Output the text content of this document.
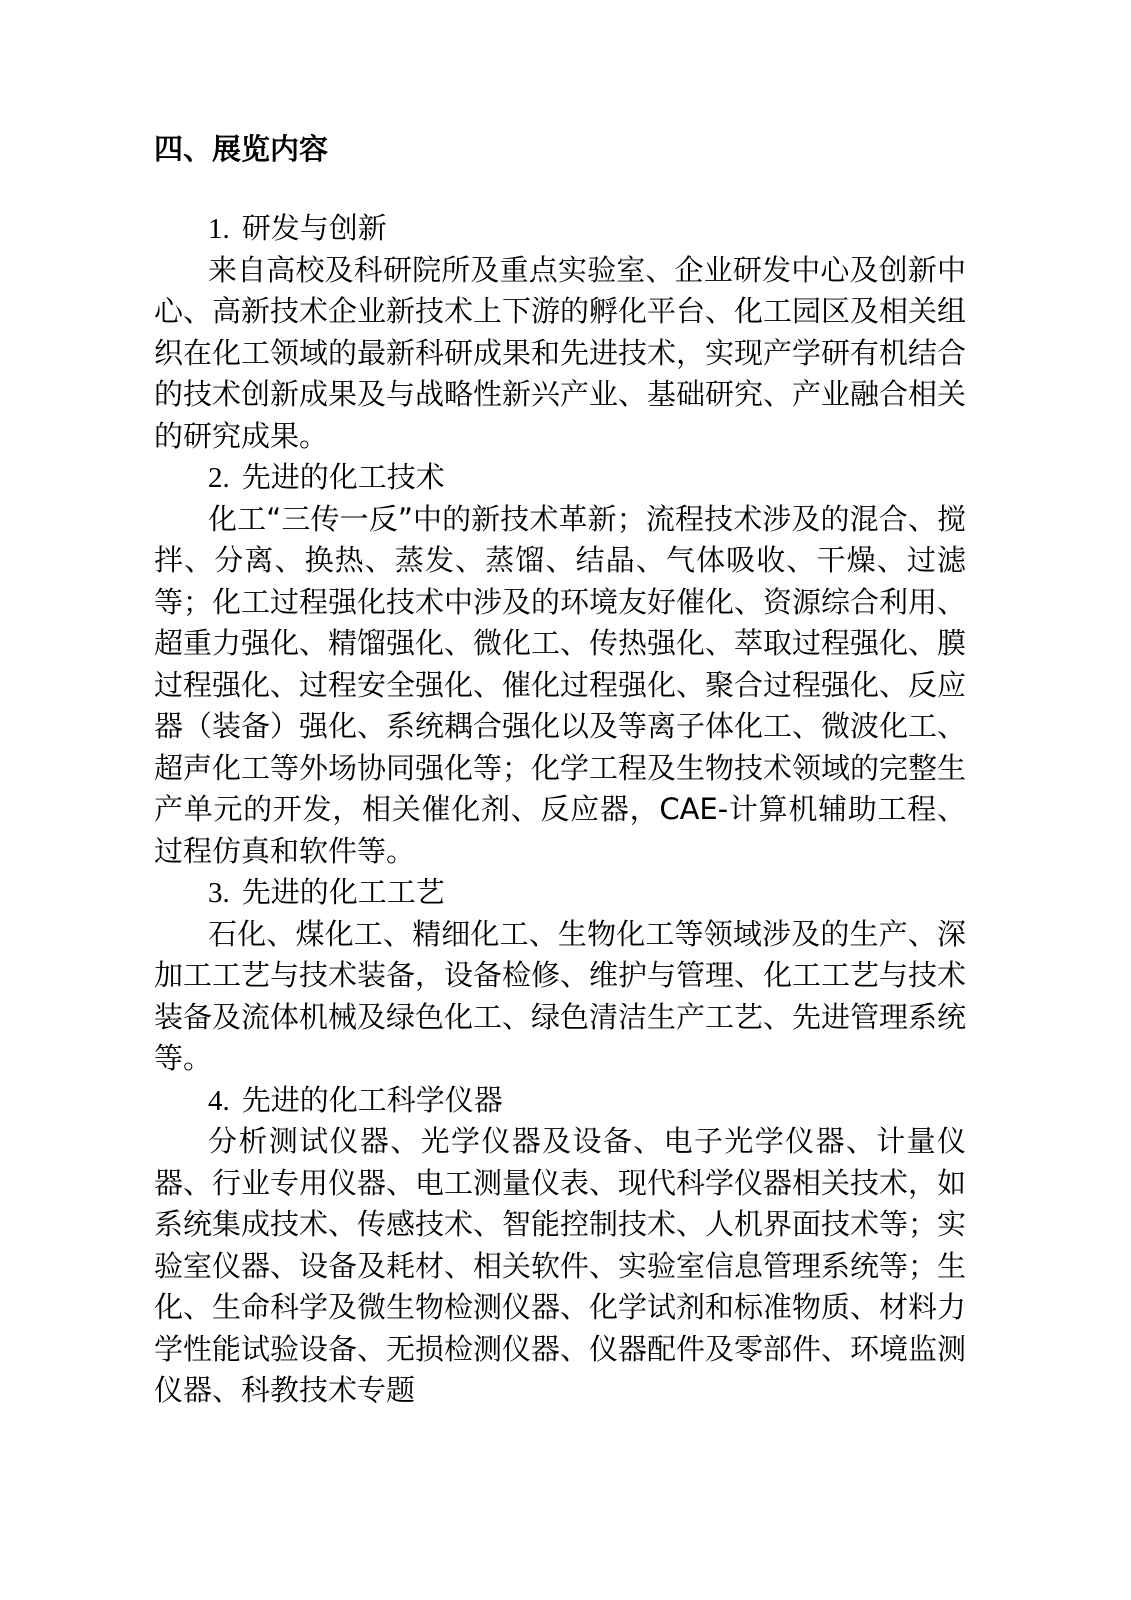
四、展览内容
1. 研发与创新

来自高校及科研院所及重点实验室、企业研发中心及创新中心、高新技术企业新技术上下游的孵化平台、化工园区及相关组织在化工领域的最新科研成果和先进技术，实现产学研有机结合的技术创新成果及与战略性新兴产业、基础研究、产业融合相关的研究成果。

2. 先进的化工技术

化工“三传一反”中的新技术革新；流程技术涉及的混合、搅拌、分离、换热、蒸发、蒸馏、结晶、气体吸收、干燥、过滤等；化工过程强化技术中涉及的环境友好催化、资源综合利用、超重力强化、精馏强化、微化工、传热强化、萃取过程强化、膜过程强化、过程安全强化、催化过程强化、聚合过程强化、反应器（装备）强化、系统耦合强化以及等离子体化工、微波化工、超声化工等外场协同强化等；化学工程及生物技术领域的完整生产单元的开发，相关催化剂、反应器，CAE-计算机辅助工程、过程仿真和软件等。

3. 先进的化工工艺

石化、煤化工、精细化工、生物化工等领域涉及的生产、深加工工艺与技术装备，设备检修、维护与管理、化工工艺与技术装备及流体机械及绿色化工、绿色清洁生产工艺、先进管理系统等。

4. 先进的化工科学仪器

分析测试仪器、光学仪器及设备、电子光学仪器、计量仪器、行业专用仪器、电工测量仪表、现代科学仪器相关技术，如系统集成技术、传感技术、智能控制技术、人机界面技术等；实验室仪器、设备及耗材、相关软件、实验室信息管理系统等；生化、生命科学及微生物检测仪器、化学试剂和标准物质、材料力学性能试验设备、无损检测仪器、仪器配件及零部件、环境监测仪器、科教技术专题
